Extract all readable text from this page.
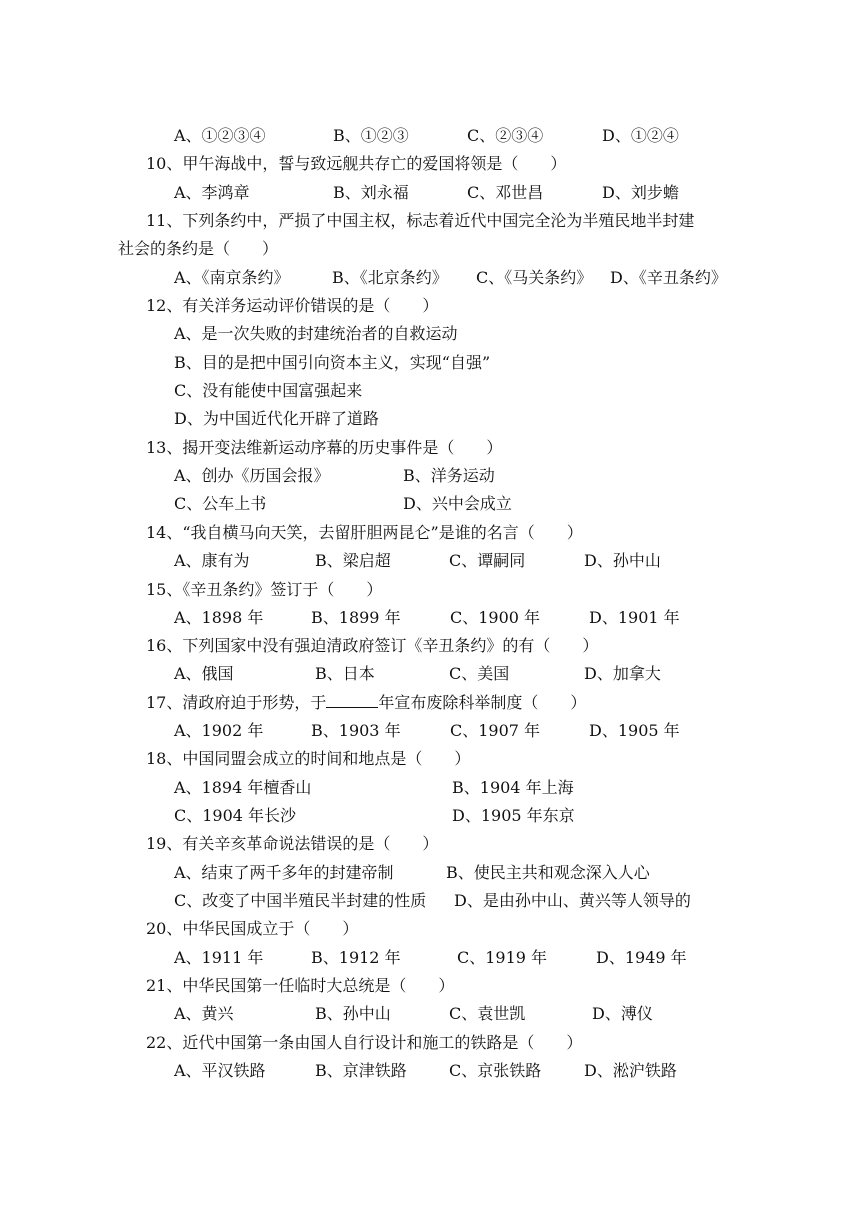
A、①②③④	B、①②③	C、②③④	D、①②④
10、甲午海战中，誓与致远舰共存亡的爱国将领是（　　）
A、李鸿章	B、刘永福	C、邓世昌	D、刘步蟾
11、下列条约中，严损了中国主权，标志着近代中国完全沦为半殖民地半封建
社会的条约是（　　）
A、《南京条约》	B、《北京条约》 C、《马关条约》 D、《辛丑条约》
12、有关洋务运动评价错误的是（　　）
A、是一次失败的封建统治者的自救运动
B、目的是把中国引向资本主义，实现“自强”
C、没有能使中国富强起来
D、为中国近代化开辟了道路
13、揭开变法维新运动序幕的历史事件是（　　）
A、创办《历国会报》	B、洋务运动
C、公车上书	D、兴中会成立
14、“我自横马向天笑，去留肝胆两昆仑”是谁的名言（　　）
A、康有为	B、梁启超	C、谭嗣同	D、孙中山
15、《辛丑条约》签订于（　　）
A、1898 年	B、1899 年	C、1900 年	D、1901 年
16、下列国家中没有强迫清政府签订《辛丑条约》的有（　　）
A、俄国	B、日本	C、美国	D、加拿大
17、清政府迫于形势，于	年宣布废除科举制度（　　）
A、1902 年	B、1903 年	C、1907 年	D、1905 年
18、中国同盟会成立的时间和地点是（　　）
A、1894 年檀香山	B、1904 年上海
C、1904 年长沙	D、1905 年东京
19、有关辛亥革命说法错误的是（　　）
A、结束了两千多年的封建帝制	B、使民主共和观念深入人心
C、改变了中国半殖民半封建的性质 D、是由孙中山、黄兴等人领导的
20、中华民国成立于（　　）
A、1911 年	B、1912 年	C、1919 年	D、1949 年
21、中华民国第一任临时大总统是（　　）
A、黄兴	B、孙中山	C、袁世凯	D、溥仪
22、近代中国第一条由国人自行设计和施工的铁路是（　　）
A、平汉铁路	B、京津铁路	C、京张铁路	D、淞沪铁路
